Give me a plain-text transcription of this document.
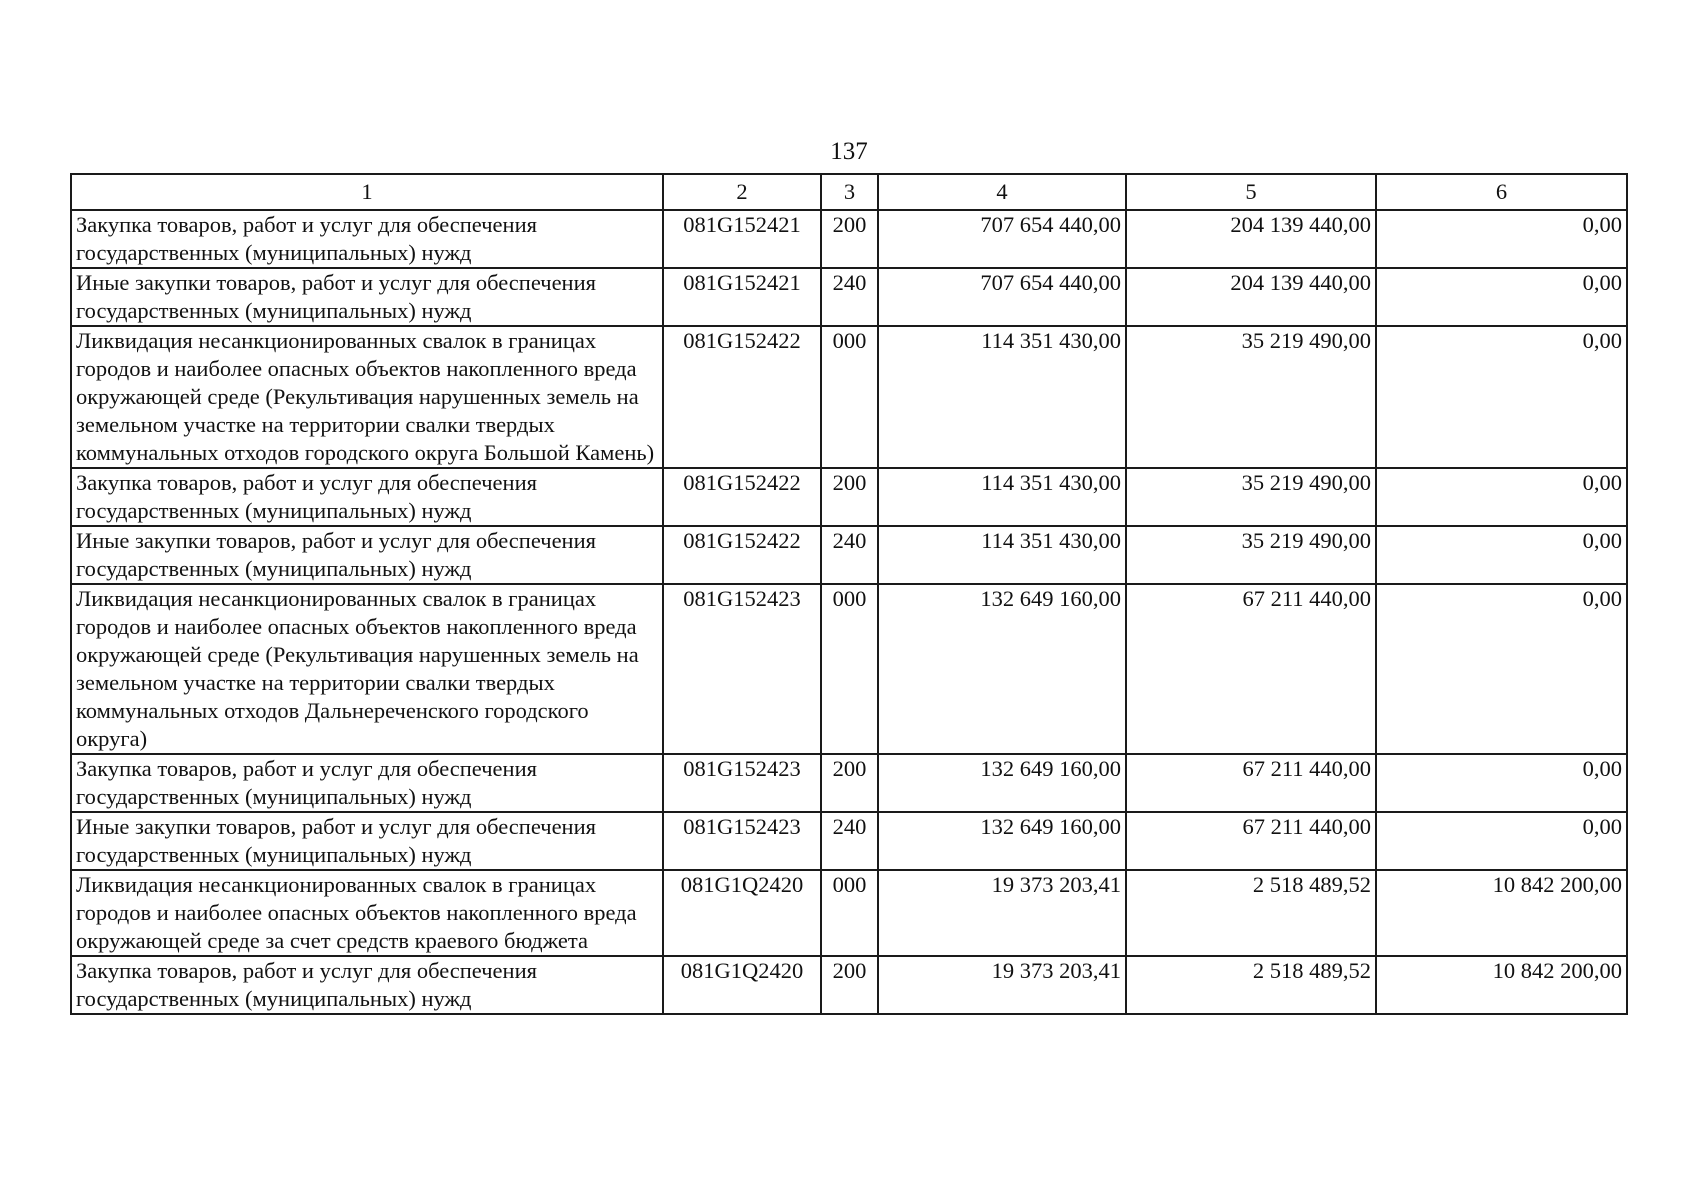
137
1	2	3	4	5	6
Закупка товаров, работ и услуг для обеспечения государственных (муниципальных) нужд	081G152421	200	707 654 440,00	204 139 440,00	0,00
Иные закупки товаров, работ и услуг для обеспечения государственных (муниципальных) нужд	081G152421	240	707 654 440,00	204 139 440,00	0,00
Ликвидация несанкционированных свалок в границах городов и наиболее опасных объектов накопленного вреда окружающей среде (Рекультивация нарушенных земель на земельном участке на территории свалки твердых коммунальных отходов городского округа Большой Камень)	081G152422	000	114 351 430,00	35 219 490,00	0,00
Закупка товаров, работ и услуг для обеспечения государственных (муниципальных) нужд	081G152422	200	114 351 430,00	35 219 490,00	0,00
Иные закупки товаров, работ и услуг для обеспечения государственных (муниципальных) нужд	081G152422	240	114 351 430,00	35 219 490,00	0,00
Ликвидация несанкционированных свалок в границах городов и наиболее опасных объектов накопленного вреда окружающей среде (Рекультивация нарушенных земель на земельном участке на территории свалки твердых коммунальных отходов Дальнереченского городского округа)	081G152423	000	132 649 160,00	67 211 440,00	0,00
Закупка товаров, работ и услуг для обеспечения государственных (муниципальных) нужд	081G152423	200	132 649 160,00	67 211 440,00	0,00
Иные закупки товаров, работ и услуг для обеспечения государственных (муниципальных) нужд	081G152423	240	132 649 160,00	67 211 440,00	0,00
Ликвидация несанкционированных свалок в границах городов и наиболее опасных объектов накопленного вреда окружающей среде за счет средств краевого бюджета	081G1Q2420	000	19 373 203,41	2 518 489,52	10 842 200,00
Закупка товаров, работ и услуг для обеспечения государственных (муниципальных) нужд	081G1Q2420	200	19 373 203,41	2 518 489,52	10 842 200,00
